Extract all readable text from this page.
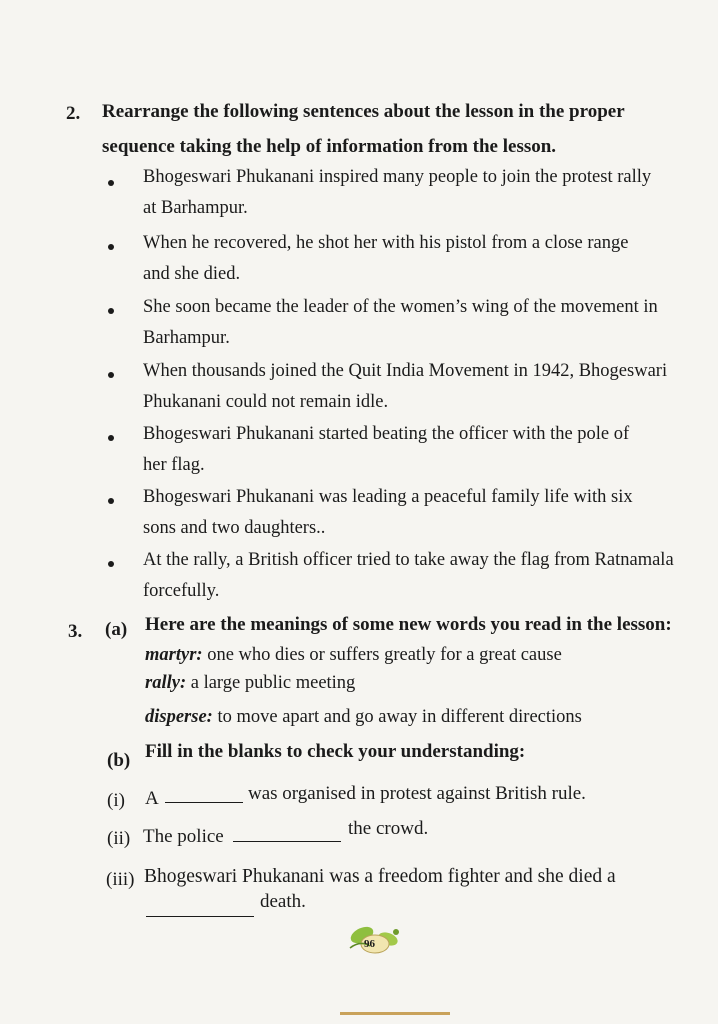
2. Rearrange the following sentences about the lesson in the proper
sequence taking the help of information from the lesson.
Bhogeswari Phukanani inspired many people to join the protest rally
at Barhampur.
When he recovered, he shot her with his pistol from a close range
and she died.
She soon became the leader of the women’s wing of the movement in
Barhampur.
When thousands joined the Quit India Movement in 1942, Bhogeswari
Phukanani could not remain idle.
Bhogeswari Phukanani started beating the officer with the pole of
her flag.
Bhogeswari Phukanani was leading a peaceful family life with six
sons and two daughters..
At the rally, a British officer tried to take away the flag from Ratnamala
forcefully.
3. (a) Here are the meanings of some new words you read in the lesson:
martyr: one who dies or suffers greatly for a great cause
rally: a large public meeting
disperse: to move apart and go away in different directions
(b) Fill in the blanks to check your understanding:
(i) A	was organised in protest against British rule.
(ii) The police	the crowd.
(iii) Bhogeswari Phukanani was a freedom fighter and she died a
death.
96
